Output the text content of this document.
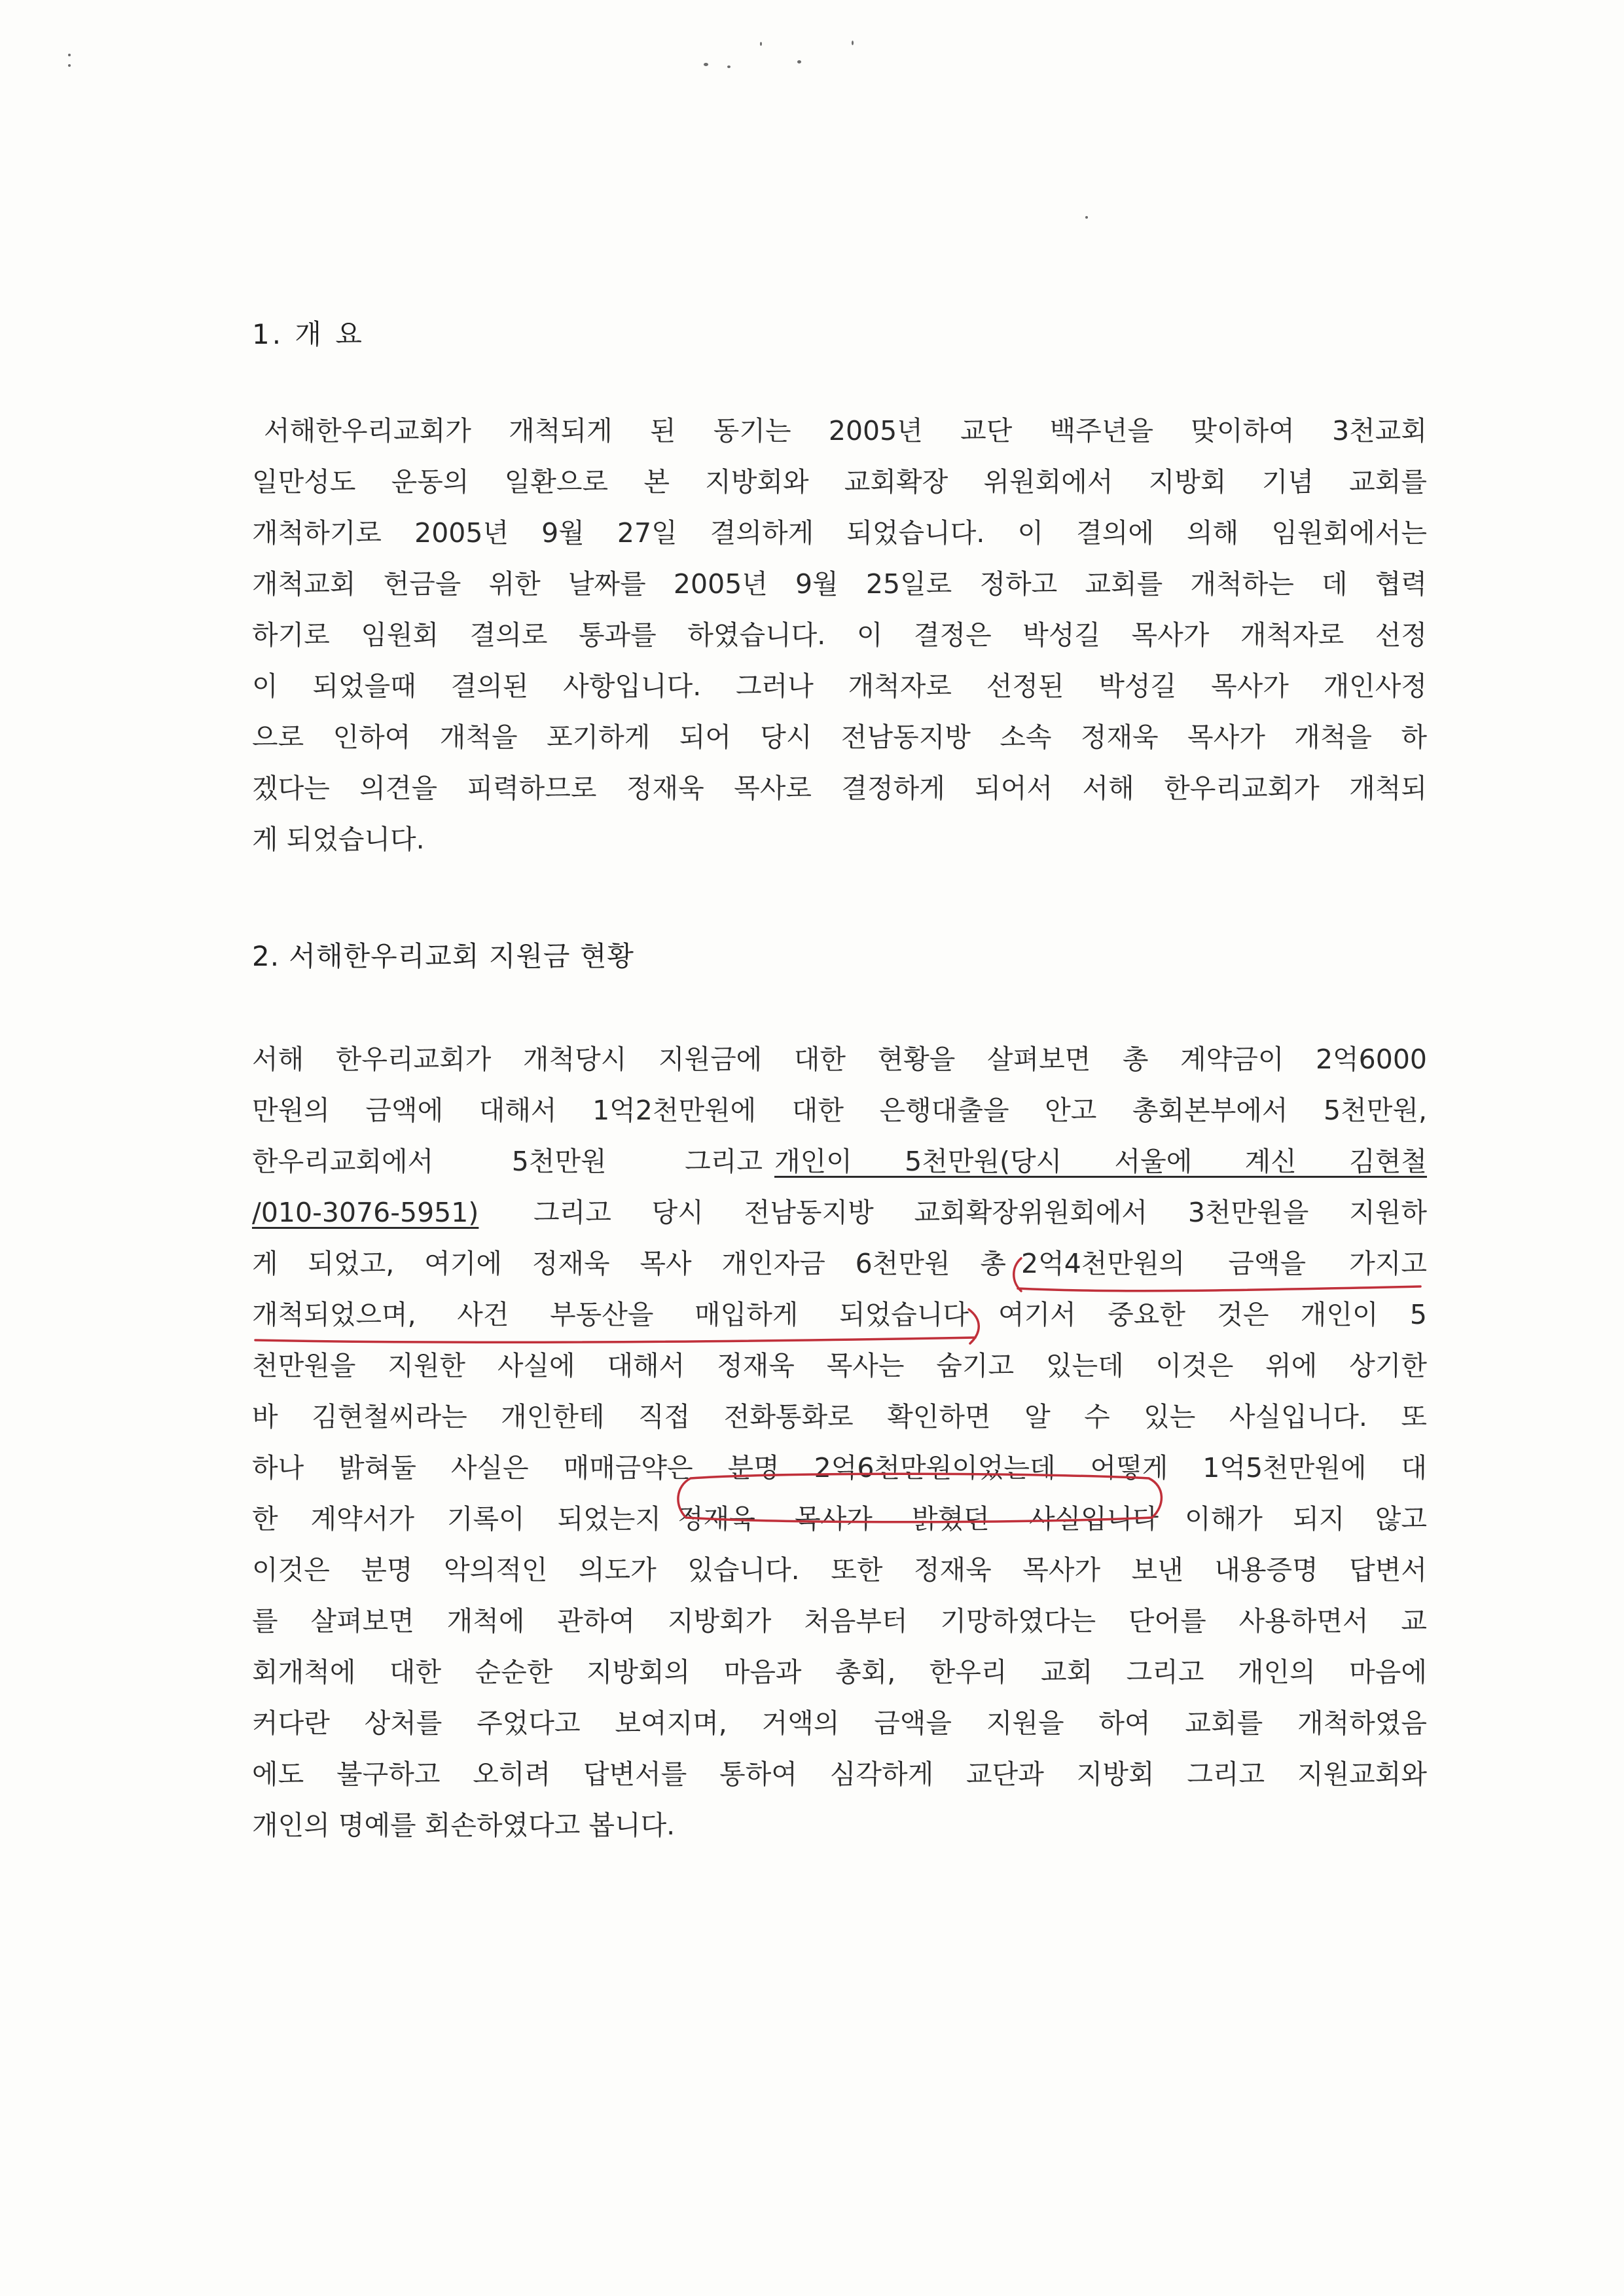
1. 개 요
서해한우리교회가 개척되게 된 동기는 2005년 교단 백주년을 맞이하여 3천교회
일만성도 운동의 일환으로 본 지방회와 교회확장 위원회에서 지방회 기념 교회를
개척하기로 2005년 9월 27일 결의하게 되었습니다. 이 결의에 의해 임원회에서는
개척교회 헌금을 위한 날짜를 2005년 9월 25일로 정하고 교회를 개척하는 데 협력
하기로 임원회 결의로 통과를 하였습니다. 이 결정은 박성길 목사가 개척자로 선정
이 되었을때 결의된 사항입니다. 그러나 개척자로 선정된 박성길 목사가 개인사정
으로 인하여 개척을 포기하게 되어 당시 전남동지방 소속 정재욱 목사가 개척을 하
겠다는 의견을 피력하므로 정재욱 목사로 결정하게 되어서 서해 한우리교회가 개척되
게 되었습니다.
2. 서해한우리교회 지원금 현황
서해 한우리교회가 개척당시 지원금에 대한 현황을 살펴보면 총 계약금이 2억6000
만원의 금액에 대해서 1억2천만원에 대한 은행대출을 안고 총회본부에서 5천만원,
한우리교회에서 5천만원 그리고 개인이 5천만원(당시 서울에 계신 김현철
/010-3076-5951) 그리고 당시 전남동지방 교회확장위원회에서 3천만원을 지원하
게 되었고, 여기에 정재욱 목사 개인자금 6천만원 총 2억4천만원의 금액을 가지고
개척되었으며, 사건 부동산을 매입하게 되었습니다 여기서 중요한 것은 개인이 5
천만원을 지원한 사실에 대해서 정재욱 목사는 숨기고 있는데 이것은 위에 상기한
바 김현철씨라는 개인한테 직접 전화통화로 확인하면 알 수 있는 사실입니다. 또
하나 밝혀둘 사실은 매매금약은 분명 2억6천만원이었는데 어떻게 1억5천만원에 대
한 계약서가 기록이 되었는지 정재욱 목사가 밝혔던 사실입니다 이해가 되지 않고
이것은 분명 악의적인 의도가 있습니다. 또한 정재욱 목사가 보낸 내용증명 답변서
를 살펴보면 개척에 관하여 지방회가 처음부터 기망하였다는 단어를 사용하면서 교
회개척에 대한 순순한 지방회의 마음과 총회, 한우리 교회 그리고 개인의 마음에
커다란 상처를 주었다고 보여지며, 거액의 금액을 지원을 하여 교회를 개척하였음
에도 불구하고 오히려 답변서를 통하여 심각하게 교단과 지방회 그리고 지원교회와
개인의 명예를 회손하였다고 봅니다.
